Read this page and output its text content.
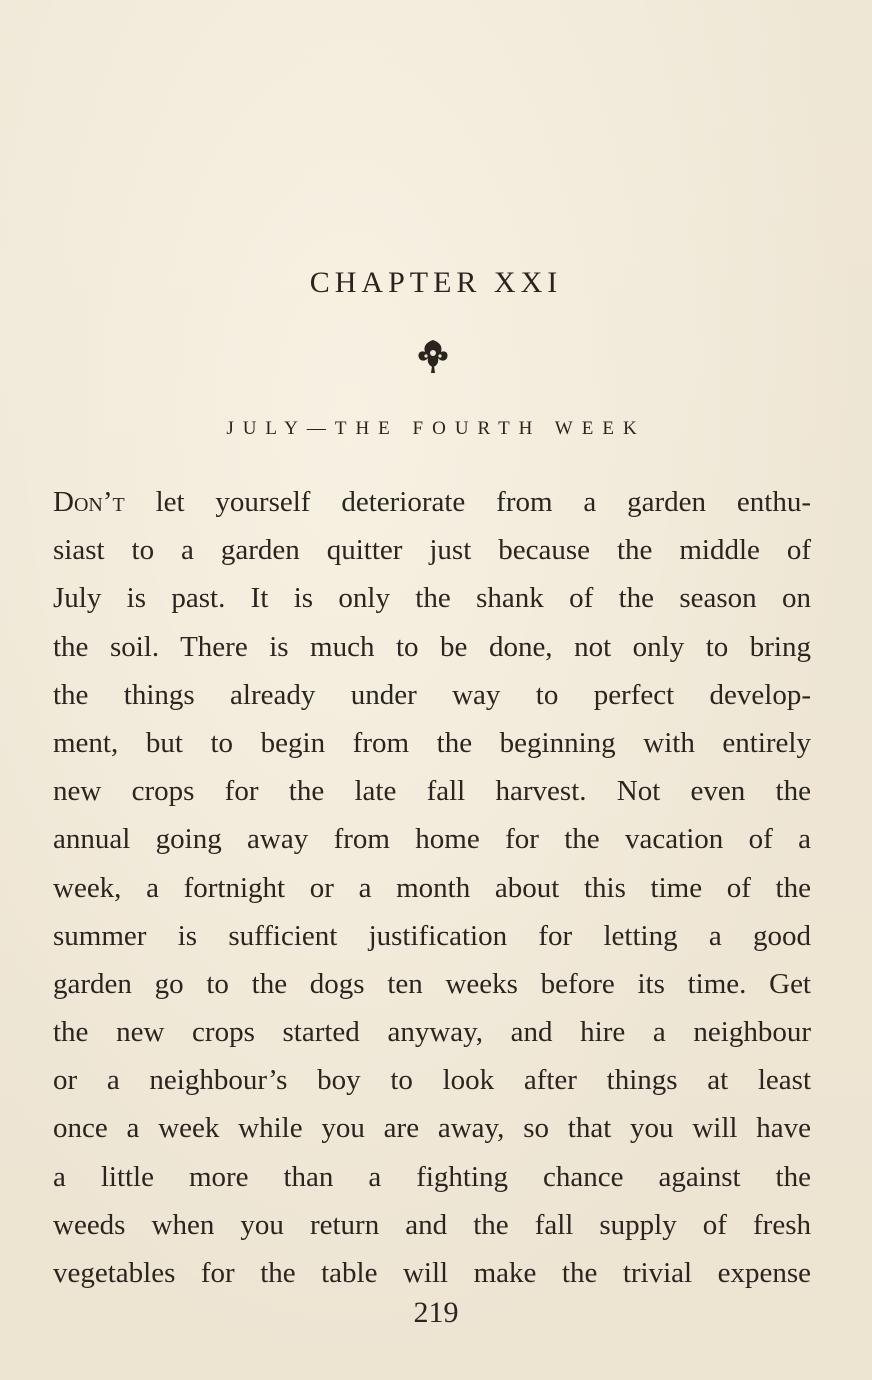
CHAPTER XXI
JULY—THE FOURTH WEEK
Don’t let yourself deteriorate from a garden enthu-
siast to a garden quitter just because the middle of
July is past. It is only the shank of the season on
the soil. There is much to be done, not only to bring
the things already under way to perfect develop-
ment, but to begin from the beginning with entirely
new crops for the late fall harvest. Not even the
annual going away from home for the vacation of a
week, a fortnight or a month about this time of the
summer is sufficient justification for letting a good
garden go to the dogs ten weeks before its time. Get
the new crops started anyway, and hire a neighbour
or a neighbour’s boy to look after things at least
once a week while you are away, so that you will have
a little more than a fighting chance against the
weeds when you return and the fall supply of fresh
vegetables for the table will make the trivial expense
219
